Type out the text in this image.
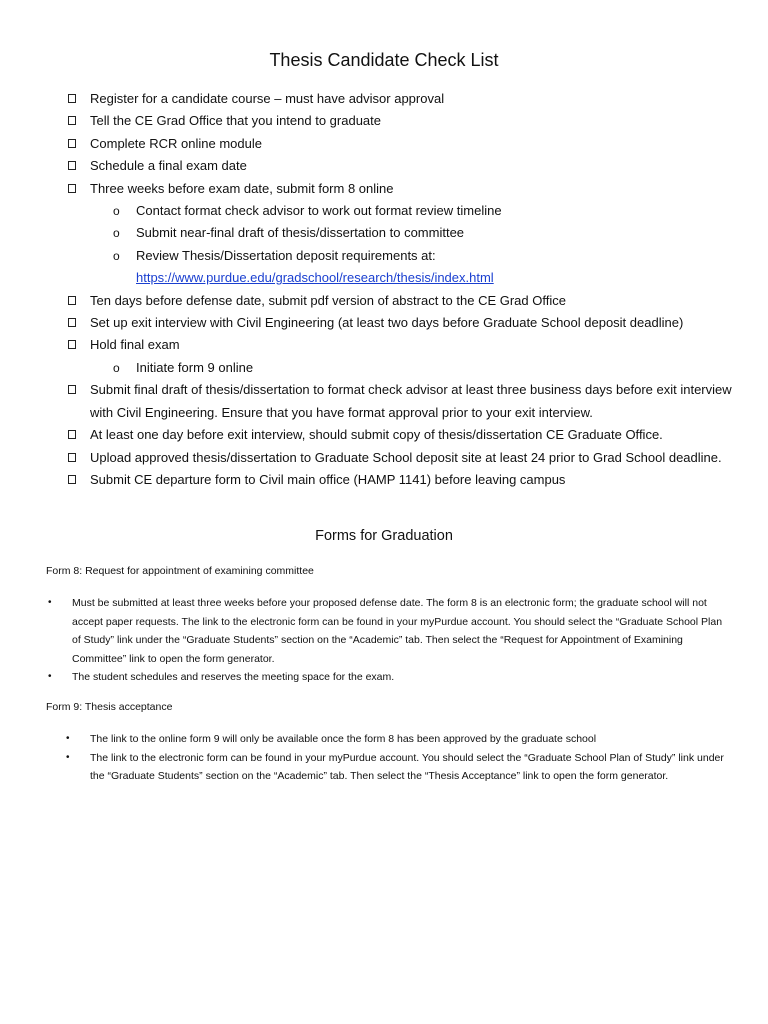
Thesis Candidate Check List
Register for a candidate course – must have advisor approval
Tell the CE Grad Office that you intend to graduate
Complete RCR online module
Schedule a final exam date
Three weeks before exam date, submit form 8 online
o Contact format check advisor to work out format review timeline
o Submit near-final draft of thesis/dissertation to committee
o Review Thesis/Dissertation deposit requirements at:
https://www.purdue.edu/gradschool/research/thesis/index.html
Ten days before defense date, submit pdf version of abstract to the CE Grad Office
Set up exit interview with Civil Engineering (at least two days before Graduate School deposit deadline)
Hold final exam
o Initiate form 9 online
Submit final draft of thesis/dissertation to format check advisor at least three business days before exit interview with Civil Engineering. Ensure that you have format approval prior to your exit interview.
At least one day before exit interview, should submit copy of thesis/dissertation CE Graduate Office.
Upload approved thesis/dissertation to Graduate School deposit site at least 24 prior to Grad School deadline.
Submit CE departure form to Civil main office (HAMP 1141) before leaving campus
Forms for Graduation

Form 8: Request for appointment of examining committee

• Must be submitted at least three weeks before your proposed defense date. The form 8 is an electronic form; the graduate school will not accept paper requests. The link to the electronic form can be found in your myPurdue account. You should select the “Graduate School Plan of Study” link under the “Graduate Students” section on the “Academic” tab. Then select the “Request for Appointment of Examining Committee” link to open the form generator.
• The student schedules and reserves the meeting space for the exam.

Form 9: Thesis acceptance

• The link to the online form 9 will only be available once the form 8 has been approved by the graduate school
• The link to the electronic form can be found in your myPurdue account. You should select the “Graduate School Plan of Study” link under the “Graduate Students” section on the “Academic” tab. Then select the “Thesis Acceptance” link to open the form generator.
